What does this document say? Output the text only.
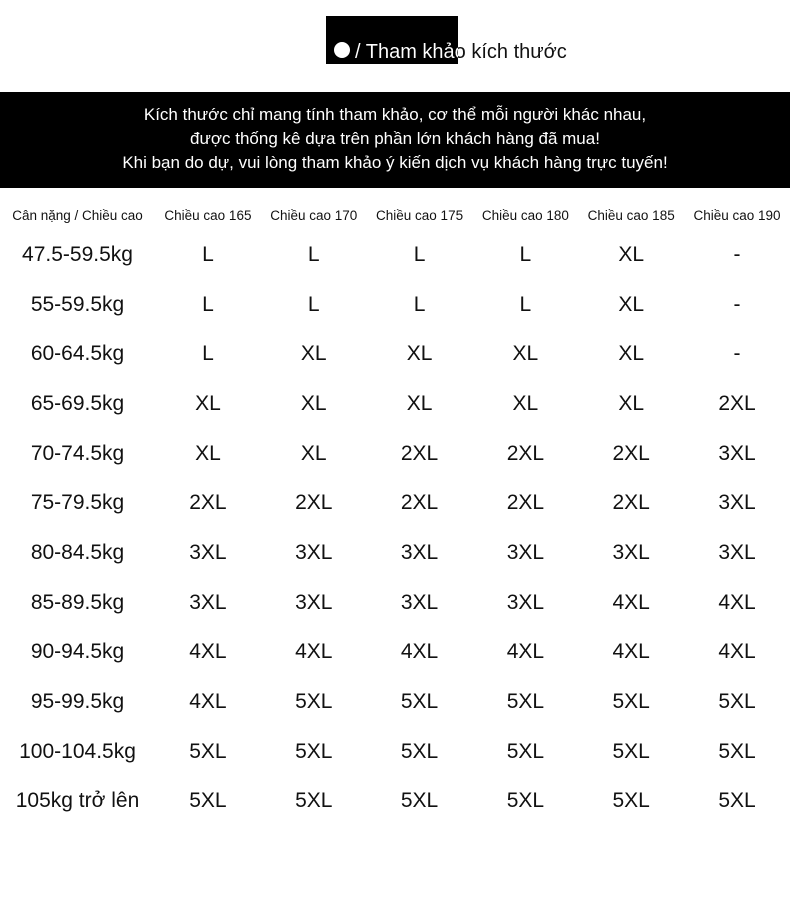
/ Tham khảo kích thước
Kích thước chỉ mang tính tham khảo, cơ thể mỗi người khác nhau,
được thống kê dựa trên phần lớn khách hàng đã mua!
Khi bạn do dự, vui lòng tham khảo ý kiến dịch vụ khách hàng trực tuyến!
Cân nặng / Chiều cao	Chiều cao 165	Chiều cao 170	Chiều cao 175	Chiều cao 180	Chiều cao 185	Chiều cao 190
47.5-59.5kg	L	L	L	L	XL	-
55-59.5kg	L	L	L	L	XL	-
60-64.5kg	L	XL	XL	XL	XL	-
65-69.5kg	XL	XL	XL	XL	XL	2XL
70-74.5kg	XL	XL	2XL	2XL	2XL	3XL
75-79.5kg	2XL	2XL	2XL	2XL	2XL	3XL
80-84.5kg	3XL	3XL	3XL	3XL	3XL	3XL
85-89.5kg	3XL	3XL	3XL	3XL	4XL	4XL
90-94.5kg	4XL	4XL	4XL	4XL	4XL	4XL
95-99.5kg	4XL	5XL	5XL	5XL	5XL	5XL
100-104.5kg	5XL	5XL	5XL	5XL	5XL	5XL
105kg trở lên	5XL	5XL	5XL	5XL	5XL	5XL
